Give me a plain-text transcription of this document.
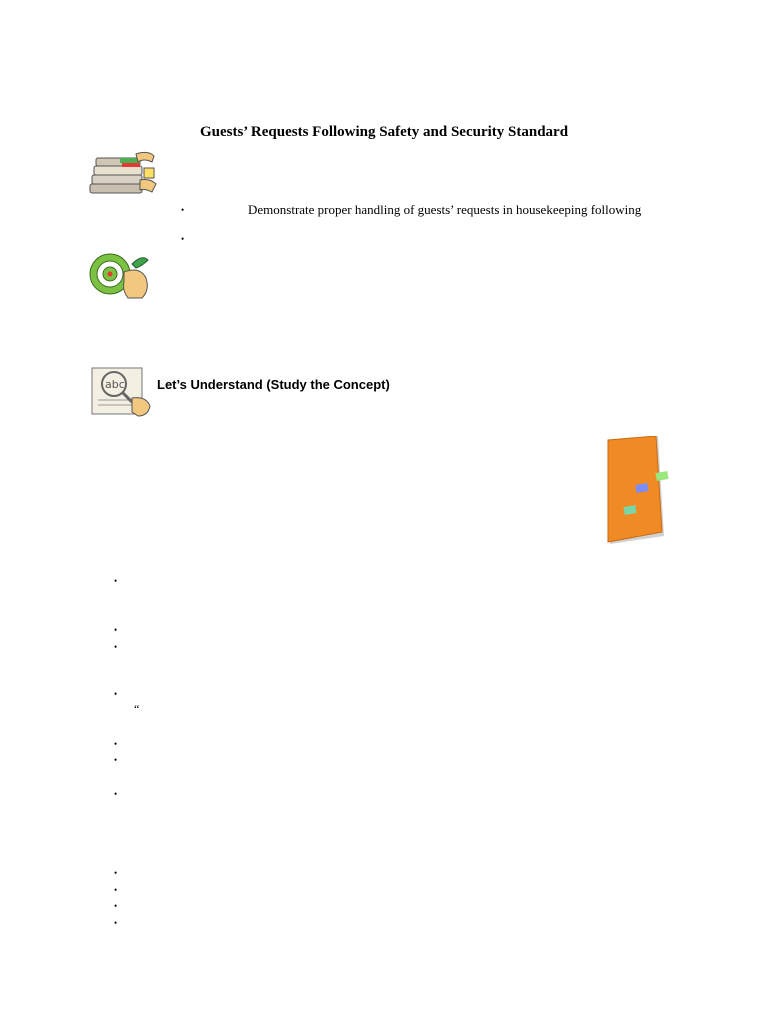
Guests’ Requests Following Safety and Security Standard
•	Demonstrate proper handling of guests’ requests in housekeeping following
•
abc Let’s Understand (Study the Concept)
•
•
•
•
“
•
•
•
•
•
•
•
